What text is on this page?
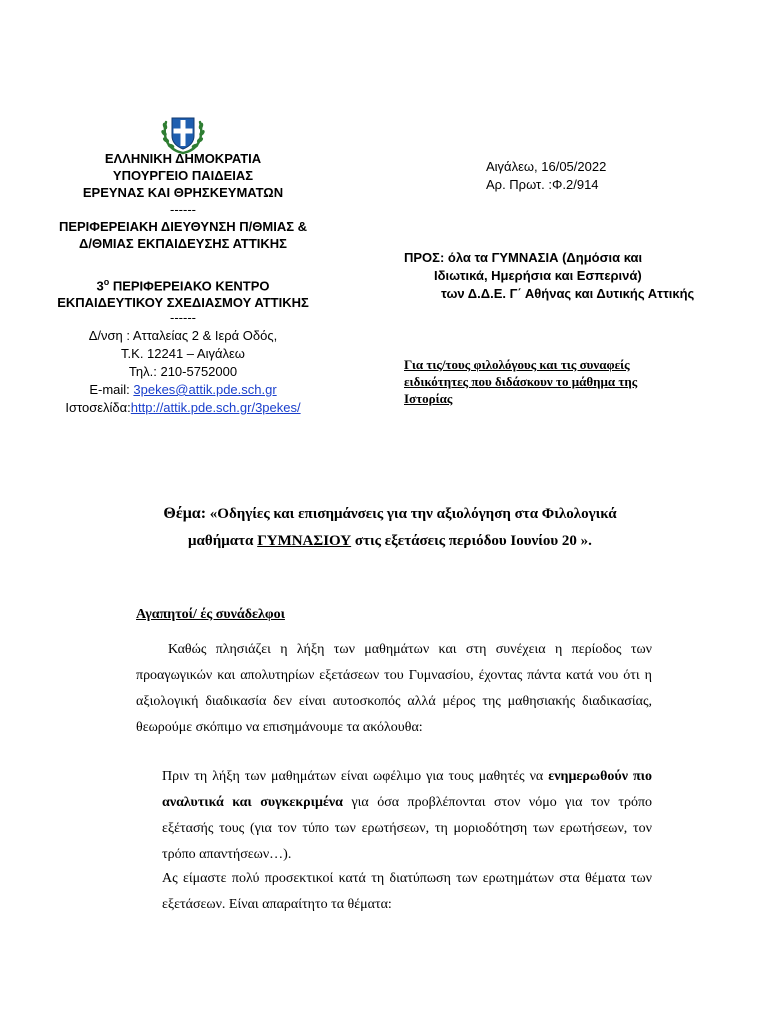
ΕΛΛΗΝΙΚΗ ΔΗΜΟΚΡΑΤΙΑ
ΥΠΟΥΡΓΕΙΟ ΠΑΙΔΕΙΑΣ
ΕΡΕΥΝΑΣ ΚΑΙ ΘΡΗΣΚΕΥΜΑΤΩΝ
------
ΠΕΡΙΦΕΡΕΙΑΚΗ ΔΙΕΥΘΥΝΣΗ Π/ΘΜΙΑΣ &
Δ/ΘΜΙΑΣ ΕΚΠΑΙΔΕΥΣΗΣ ΑΤΤΙΚΗΣ
$3^o$ ΠΕΡΙΦΕΡΕΙΑΚΟ ΚΕΝΤΡΟ
ΕΚΠΑΙΔΕΥΤΙΚΟΥ ΣΧΕΔΙΑΣΜΟΥ ΑΤΤΙΚΗΣ
------
Δ/νση : Ατταλείας 2 & Ιερά Οδός,
Τ.Κ. 12241 – Αιγάλεω
Τηλ.: 210-5752000
E-mail: 3pekes@attik.pde.sch.gr
Ιστοσελίδα:http://attik.pde.sch.gr/3pekes/
Αιγάλεω, 16/05/2022
Αρ. Πρωτ. :Φ.2/914
ΠΡΟΣ: όλα τα ΓΥΜΝΑΣΙΑ (Δημόσια και
Ιδιωτικά, Ημερήσια και Εσπερινά)
των Δ.Δ.Ε. Γ΄ Αθήνας και Δυτικής Αττικής
Για τις/τους φιλολόγους και τις συναφείς
ειδικότητες που διδάσκουν το μάθημα της
Ιστορίας
Θέμα: «Οδηγίες και επισημάνσεις για την αξιολόγηση στα Φιλολογικά
μαθήματα ΓΥΜΝΑΣΙΟΥ στις εξετάσεις περιόδου Ιουνίου 20 ».
Αγαπητοί/ ές συνάδελφοι
Καθώς πλησιάζει η λήξη των μαθημάτων και στη συνέχεια η περίοδος των προαγωγικών και απολυτηρίων εξετάσεων του Γυμνασίου, έχοντας πάντα κατά νου ότι η αξιολογική διαδικασία δεν είναι αυτοσκοπός αλλά μέρος της μαθησιακής διαδικασίας, θεωρούμε σκόπιμο να επισημάνουμε τα ακόλουθα:
Πριν τη λήξη των μαθημάτων είναι ωφέλιμο για τους μαθητές να ενημερωθούν πιο αναλυτικά και συγκεκριμένα για όσα προβλέπονται στον νόμο για τον τρόπο εξέτασής τους (για τον τύπο των ερωτήσεων, τη μοριοδότηση των ερωτήσεων, τον τρόπο απαντήσεων…).
Ας είμαστε πολύ προσεκτικοί κατά τη διατύπωση των ερωτημάτων στα θέματα των εξετάσεων. Είναι απαραίτητο τα θέματα:
